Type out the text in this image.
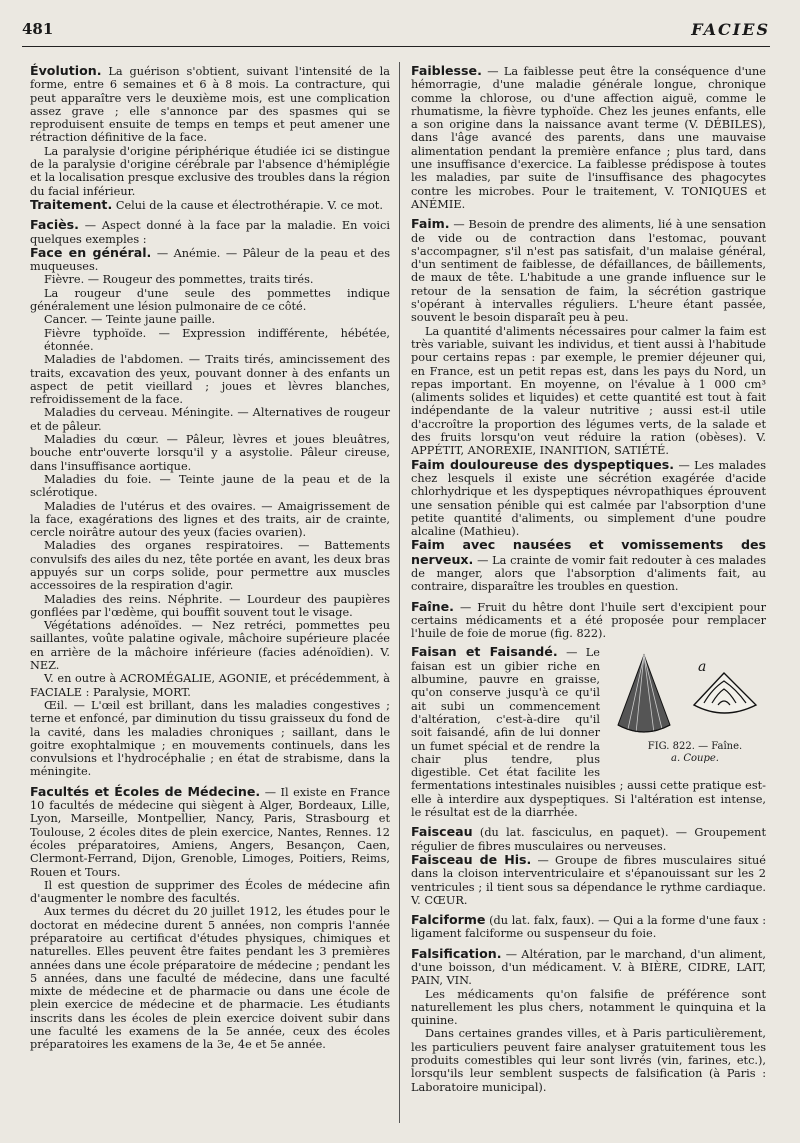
481	FACIES

Évolution. La guérison s'obtient, suivant l'intensité de la forme, entre 6 semaines et 6 à 8 mois. La contracture, qui peut apparaître vers le deuxième mois, est une complication assez grave ; elle s'annonce par des spasmes qui se reproduisent ensuite de temps en temps et peut amener une rétraction définitive de la face.

La paralysie d'origine périphérique étudiée ici se distingue de la paralysie d'origine cérébrale par l'absence d'hémiplégie et la localisation presque exclusive des troubles dans la région du facial inférieur.

Traitement. Celui de la cause et électrothérapie. V. ce mot.

Faciès. — Aspect donné à la face par la maladie. En voici quelques exemples :

Face en général. — Anémie. — Pâleur de la peau et des muqueuses.

Fièvre. — Rougeur des pommettes, traits tirés.

La rougeur d'une seule des pommettes indique généralement une lésion pulmonaire de ce côté.

Cancer. — Teinte jaune paille.

Fièvre typhoïde. — Expression indifférente, hébétée, étonnée.

Maladies de l'abdomen. — Traits tirés, amincissement des traits, excavation des yeux, pouvant donner à des enfants un aspect de petit vieillard ; joues et lèvres blanches, refroidissement de la face.

Maladies du cerveau. Méningite. — Alternatives de rougeur et de pâleur.

Maladies du cœur. — Pâleur, lèvres et joues bleuâtres, bouche entr'ouverte lorsqu'il y a asystolie. Pâleur cireuse, dans l'insuffisance aortique.

Maladies du foie. — Teinte jaune de la peau et de la sclérotique.

Maladies de l'utérus et des ovaires. — Amaigrissement de la face, exagérations des lignes et des traits, air de crainte, cercle noirâtre autour des yeux (facies ovarien).

Maladies des organes respiratoires. — Battements convulsifs des ailes du nez, tête portée en avant, les deux bras appuyés sur un corps solide, pour permettre aux muscles accessoires de la respiration d'agir.

Maladies des reins. Néphrite. — Lourdeur des paupières gonflées par l'œdème, qui bouffit souvent tout le visage.

Végétations adénoïdes. — Nez retréci, pommettes peu saillantes, voûte palatine ogivale, mâchoire supérieure placée en arrière de la mâchoire inférieure (facies adénoïdien). V. NEZ.

V. en outre à ACROMÉGALIE, AGONIE, et précédemment, à FACIALE : Paralysie, MORT.

Œil. — L'œil est brillant, dans les maladies congestives ; terne et enfoncé, par diminution du tissu graisseux du fond de la cavité, dans les maladies chroniques ; saillant, dans le goitre exophtalmique ; en mouvements continuels, dans les convulsions et l'hydrocéphalie ; en état de strabisme, dans la méningite.

Facultés et Écoles de Médecine. — Il existe en France 10 facultés de médecine qui siègent à Alger, Bordeaux, Lille, Lyon, Marseille, Montpellier, Nancy, Paris, Strasbourg et Toulouse, 2 écoles dites de plein exercice, Nantes, Rennes. 12 écoles préparatoires, Amiens, Angers, Besançon, Caen, Clermont-Ferrand, Dijon, Grenoble, Limoges, Poitiers, Reims, Rouen et Tours.

Il est question de supprimer des Écoles de médecine afin d'augmenter le nombre des facultés.

Aux termes du décret du 20 juillet 1912, les études pour le doctorat en médecine durent 5 années, non compris l'année préparatoire au certificat d'études physiques, chimiques et naturelles. Elles peuvent être faites pendant les 3 premières années dans une école préparatoire de médecine ; pendant les 5 années, dans une faculté de médecine, dans une faculté mixte de médecine et de pharmacie ou dans une école de plein exercice de médecine et de pharmacie. Les étudiants inscrits dans les écoles de plein exercice doivent subir dans une faculté les examens de la 5e année, ceux des écoles préparatoires les examens de la 3e, 4e et 5e année.

Faiblesse. — La faiblesse peut être la conséquence d'une hémorragie, d'une maladie générale longue, chronique comme la chlorose, ou d'une affection aiguë, comme le rhumatisme, la fièvre typhoïde. Chez les jeunes enfants, elle a son origine dans la naissance avant terme (V. DÉBILES), dans l'âge avancé des parents, dans une mauvaise alimentation pendant la première enfance ; plus tard, dans une insuffisance d'exercice. La faiblesse prédispose à toutes les maladies, par suite de l'insuffisance des phagocytes contre les microbes. Pour le traitement, V. TONIQUES et ANÉMIE.

Faim. — Besoin de prendre des aliments, lié à une sensation de vide ou de contraction dans l'estomac, pouvant s'accompagner, s'il n'est pas satisfait, d'un malaise général, d'un sentiment de faiblesse, de défaillances, de bâillements, de maux de tête. L'habitude a une grande influence sur le retour de la sensation de faim, la sécrétion gastrique s'opérant à intervalles réguliers. L'heure étant passée, souvent le besoin disparaît peu à peu.

La quantité d'aliments nécessaires pour calmer la faim est très variable, suivant les individus, et tient aussi à l'habitude pour certains repas : par exemple, le premier déjeuner qui, en France, est un petit repas est, dans les pays du Nord, un repas important. En moyenne, on l'évalue à 1 000 cm³ (aliments solides et liquides) et cette quantité est tout à fait indépendante de la valeur nutritive ; aussi est-il utile d'accroître la proportion des légumes verts, de la salade et des fruits lorsqu'on veut réduire la ration (obèses). V. APPÉTIT, ANOREXIE, INANITION, SATIÉTÉ.

Faim douloureuse des dyspeptiques. — Les malades chez lesquels il existe une sécrétion exagérée d'acide chlorhydrique et les dyspeptiques névropathiques éprouvent une sensation pénible qui est calmée par l'absorption d'une petite quantité d'aliments, ou simplement d'une poudre alcaline (Mathieu).

Faim avec nausées et vomissements des nerveux. — La crainte de vomir fait redouter à ces malades de manger, alors que l'absorption d'aliments fait, au contraire, disparaître les troubles en question.

Faîne. — Fruit du hêtre dont l'huile sert d'excipient pour certains médicaments et a été proposée pour remplacer l'huile de foie de morue (fig. 822).

a
FIG. 822. — Faîne.
a. Coupe.

Faisan et Faisandé. — Le faisan est un gibier riche en albumine, pauvre en graisse, qu'on conserve jusqu'à ce qu'il ait subi un commencement d'altération, c'est-à-dire qu'il soit faisandé, afin de lui donner un fumet spécial et de rendre la chair plus tendre, plus digestible. Cet état facilite les fermentations intestinales nuisibles ; aussi cette pratique est-elle à interdire aux dyspeptiques. Si l'altération est intense, le résultat est de la diarrhée.

Faisceau (du lat. fasciculus, en paquet). — Groupement régulier de fibres musculaires ou nerveuses.

Faisceau de His. — Groupe de fibres musculaires situé dans la cloison interventriculaire et s'épanouissant sur les 2 ventricules ; il tient sous sa dépendance le rythme cardiaque. V. CŒUR.

Falciforme (du lat. falx, faux). — Qui a la forme d'une faux : ligament falciforme ou suspenseur du foie.

Falsification. — Altération, par le marchand, d'un aliment, d'une boisson, d'un médicament. V. à BIÈRE, CIDRE, LAIT, PAIN, VIN.

Les médicaments qu'on falsifie de préférence sont naturellement les plus chers, notamment le quinquina et la quinine.

Dans certaines grandes villes, et à Paris particulièrement, les particuliers peuvent faire analyser gratuitement tous les produits comestibles qui leur sont livrés (vin, farines, etc.), lorsqu'ils leur semblent suspects de falsification (à Paris : Laboratoire municipal).
